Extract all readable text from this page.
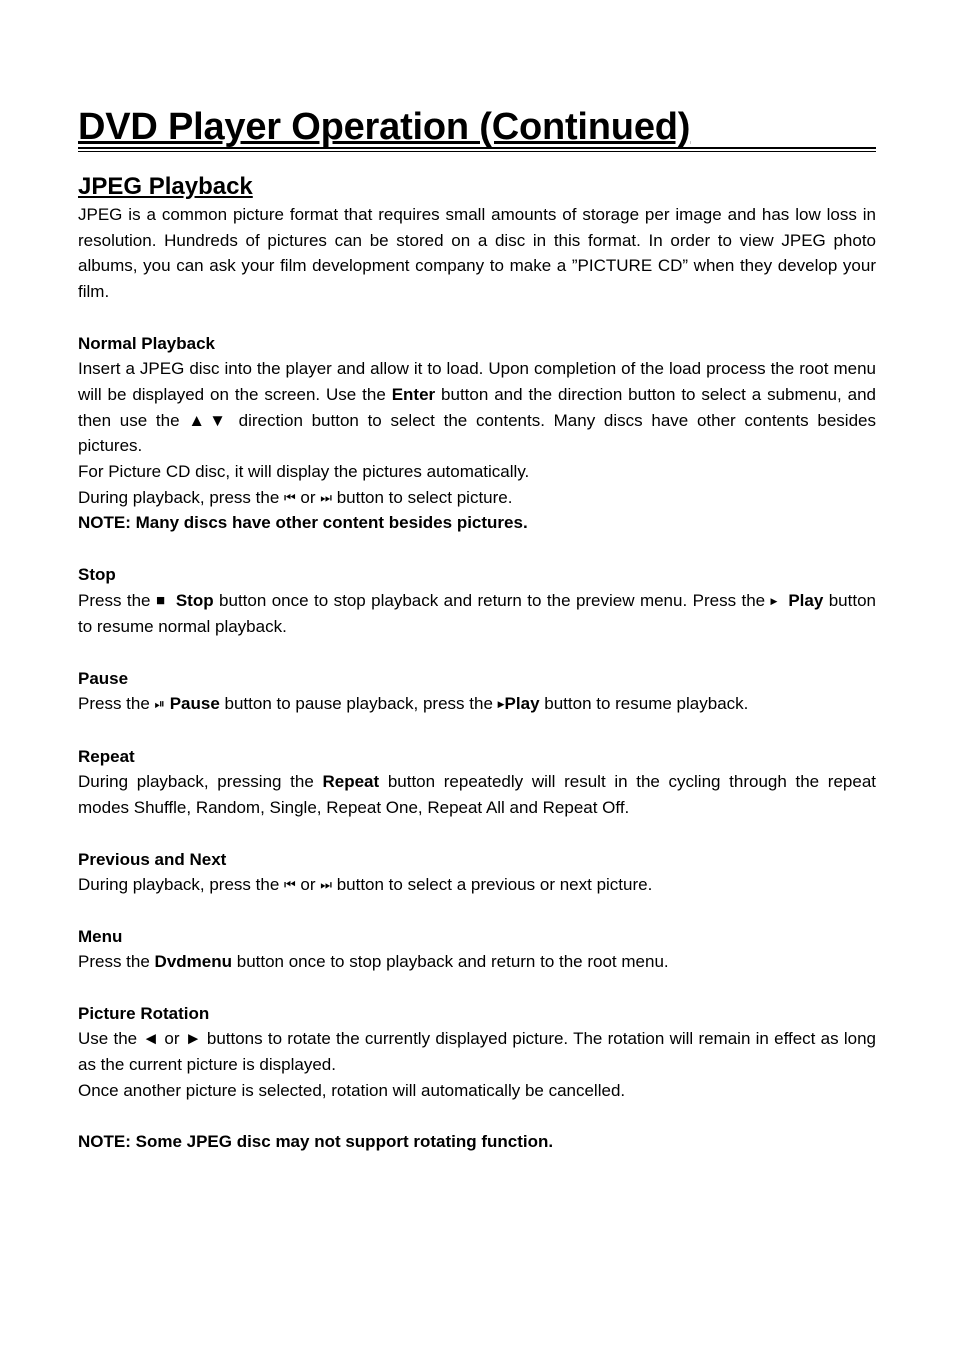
DVD Player Operation (Continued)
JPEG Playback

JPEG is a common picture format that requires small amounts of storage per image and has low loss in resolution. Hundreds of pictures can be stored on a disc in this format. In order to view JPEG photo albums, you can ask your film development company to make a ”PICTURE CD” when they develop your film.

Normal Playback

Insert a JPEG disc into the player and allow it to load. Upon completion of the load process the root menu will be displayed on the screen. Use the Enter button and the direction button to select a submenu, and then use the ▲▼ direction button to select the contents. Many discs have other contents besides pictures.

For Picture CD disc, it will display the pictures automatically.

During playback, press the ⏮ or ⏭ button to select picture.

NOTE: Many discs have other content besides pictures.

Stop

Press the ■ Stop button once to stop playback and return to the preview menu. Press the ▶ Play button to resume normal playback.

Pause

Press the ⏯ Pause button to pause playback, press the ▶Play button to resume playback.

Repeat

During playback, pressing the Repeat button repeatedly will result in the cycling through the repeat modes Shuffle, Random, Single, Repeat One, Repeat All and Repeat Off.

Previous and Next

During playback, press the ⏮ or ⏭ button to select a previous or next picture.

Menu

Press the Dvdmenu button once to stop playback and return to the root menu.

Picture Rotation

Use the ◄ or ► buttons to rotate the currently displayed picture. The rotation will remain in effect as long as the current picture is displayed.

Once another picture is selected, rotation will automatically be cancelled.

NOTE: Some JPEG disc may not support rotating function.
